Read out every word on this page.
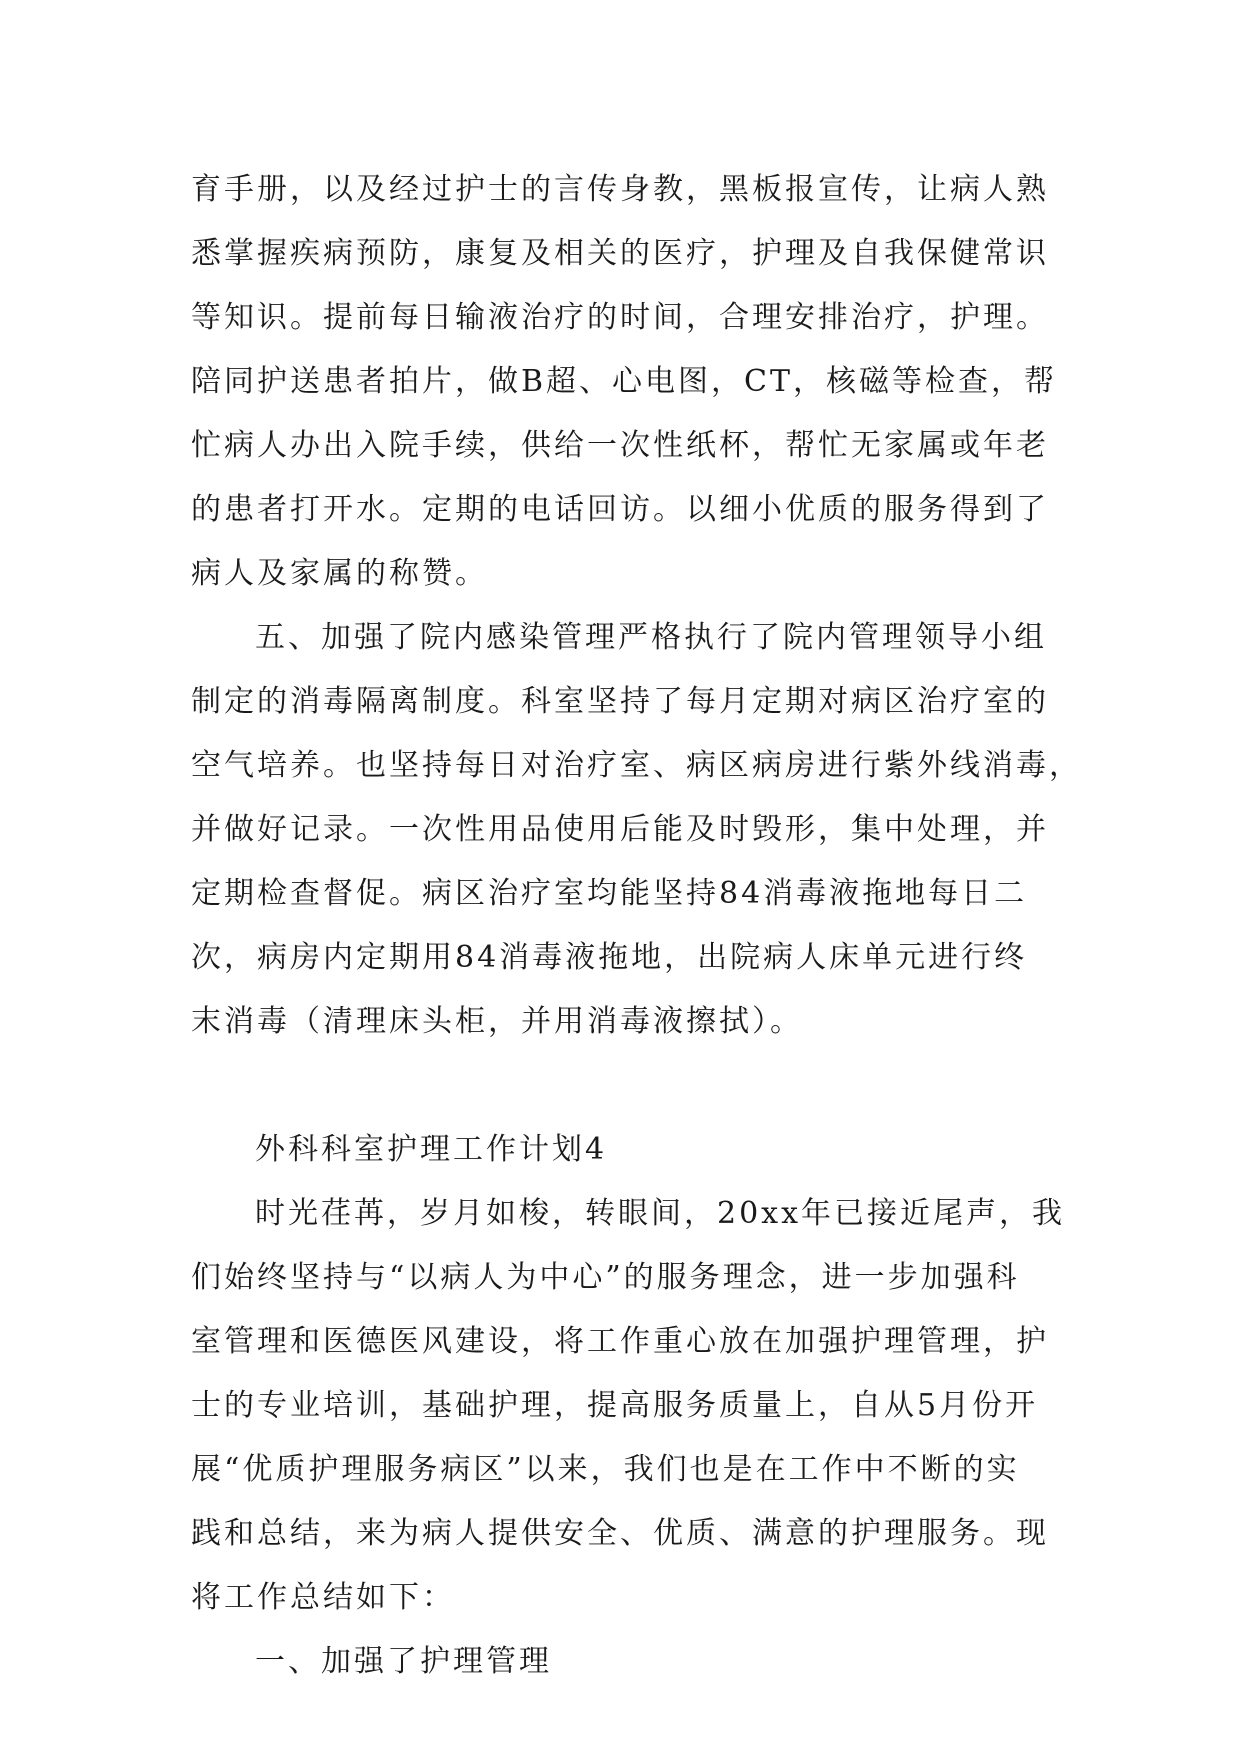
育手册，以及经过护士的言传身教，黑板报宣传，让病人熟
悉掌握疾病预防，康复及相关的医疗，护理及自我保健常识
等知识。提前每日输液治疗的时间，合理安排治疗，护理。
陪同护送患者拍片，做B超、心电图，CT，核磁等检查，帮
忙病人办出入院手续，供给一次性纸杯，帮忙无家属或年老
的患者打开水。定期的电话回访。以细小优质的服务得到了
病人及家属的称赞。
五、加强了院内感染管理严格执行了院内管理领导小组
制定的消毒隔离制度。科室坚持了每月定期对病区治疗室的
空气培养。也坚持每日对治疗室、病区病房进行紫外线消毒，
并做好记录。一次性用品使用后能及时毁形，集中处理，并
定期检查督促。病区治疗室均能坚持84消毒液拖地每日二
次，病房内定期用84消毒液拖地，出院病人床单元进行终
末消毒（清理床头柜，并用消毒液擦拭）。
外科科室护理工作计划4
时光荏苒，岁月如梭，转眼间，20xx年已接近尾声，我
们始终坚持与“以病人为中心”的服务理念，进一步加强科
室管理和医德医风建设，将工作重心放在加强护理管理，护
士的专业培训，基础护理，提高服务质量上，自从5月份开
展“优质护理服务病区”以来，我们也是在工作中不断的实
践和总结，来为病人提供安全、优质、满意的护理服务。现
将工作总结如下：
一、加强了护理管理
